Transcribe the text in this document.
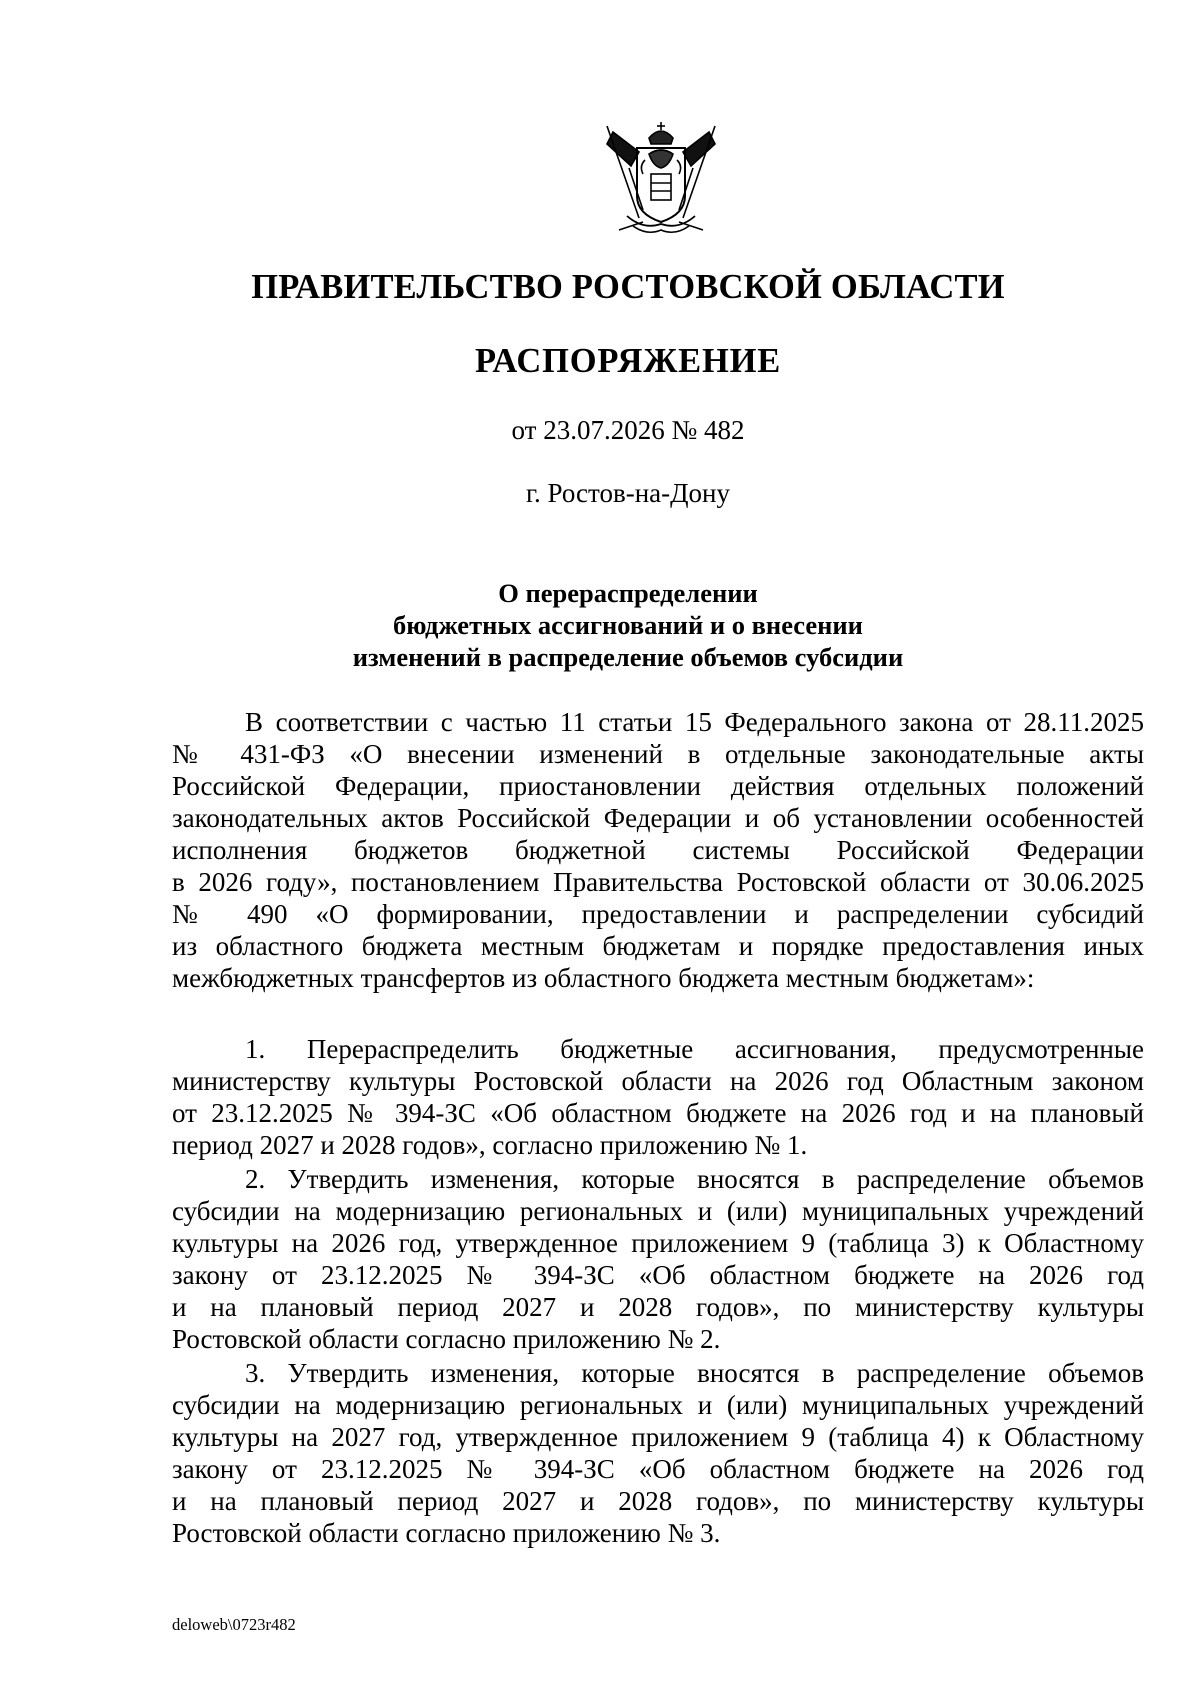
ПРАВИТЕЛЬСТВО РОСТОВСКОЙ ОБЛАСТИ
РАСПОРЯЖЕНИЕ
от 23.07.2026 № 482
г. Ростов-на-Дону
О перераспределении
бюджетных ассигнований и о внесении
изменений в распределение объемов субсидии
В соответствии с частью 11 статьи 15 Федерального закона от 28.11.2025
№ 431-ФЗ «О внесении изменений в отдельные законодательные акты
Российской Федерации, приостановлении действия отдельных положений
законодательных актов Российской Федерации и об установлении особенностей
исполнения бюджетов бюджетной системы Российской Федерации
в 2026 году», постановлением Правительства Ростовской области от 30.06.2025
№ 490 «О формировании, предоставлении и распределении субсидий
из областного бюджета местным бюджетам и порядке предоставления иных
межбюджетных трансфертов из областного бюджета местным бюджетам»:
1. Перераспределить бюджетные ассигнования, предусмотренные
министерству культуры Ростовской области на 2026 год Областным законом
от 23.12.2025 № 394-ЗС «Об областном бюджете на 2026 год и на плановый
период 2027 и 2028 годов», согласно приложению № 1.
2. Утвердить изменения, которые вносятся в распределение объемов
субсидии на модернизацию региональных и (или) муниципальных учреждений
культуры на 2026 год, утвержденное приложением 9 (таблица 3) к Областному
закону от 23.12.2025 № 394-ЗС «Об областном бюджете на 2026 год
и на плановый период 2027 и 2028 годов», по министерству культуры
Ростовской области согласно приложению № 2.
3. Утвердить изменения, которые вносятся в распределение объемов
субсидии на модернизацию региональных и (или) муниципальных учреждений
культуры на 2027 год, утвержденное приложением 9 (таблица 4) к Областному
закону от 23.12.2025 № 394-ЗС «Об областном бюджете на 2026 год
и на плановый период 2027 и 2028 годов», по министерству культуры
Ростовской области согласно приложению № 3.
deloweb\0723r482
